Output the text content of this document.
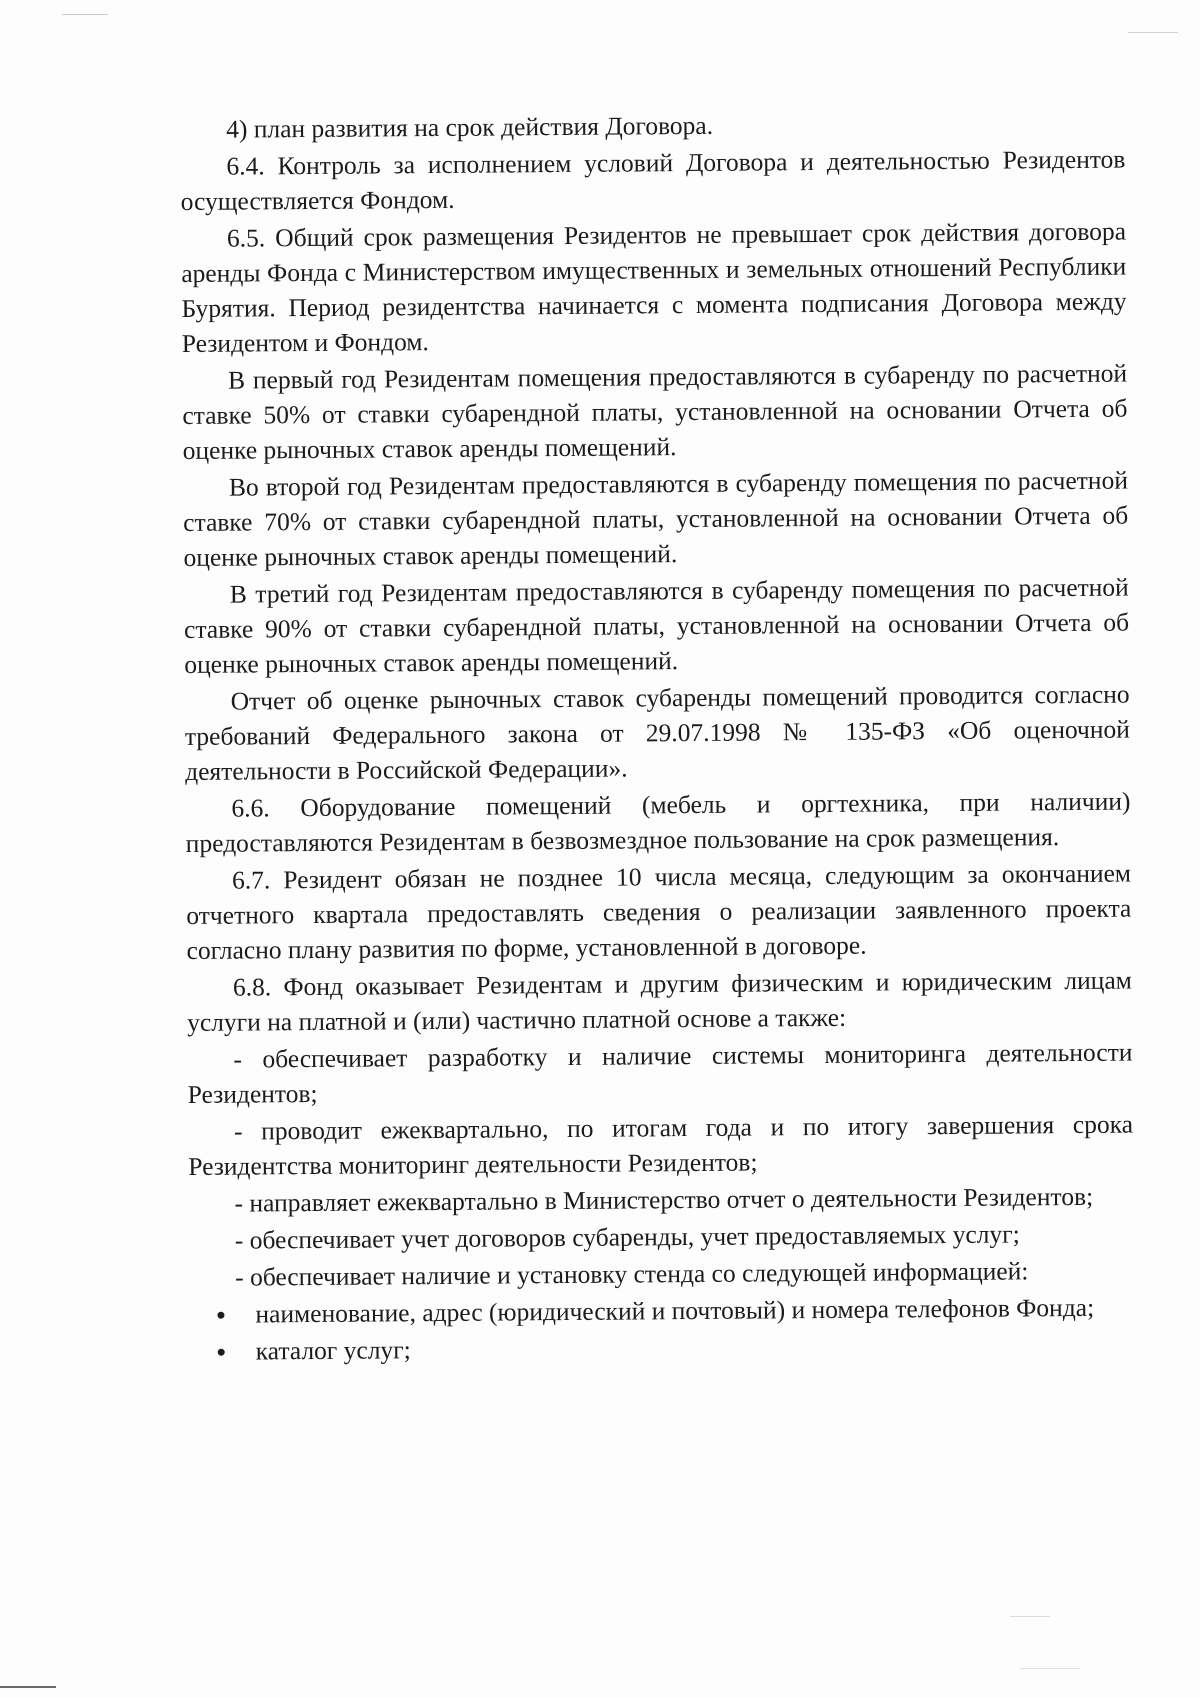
4) план развития на срок действия Договора.

6.4. Контроль за исполнением условий Договора и деятельностью Резидентов осуществляется Фондом.

6.5. Общий срок размещения Резидентов не превышает срок действия договора аренды Фонда с Министерством имущественных и земельных отношений Республики Бурятия. Период резидентства начинается с момента подписания Договора между Резидентом и Фондом.

В первый год Резидентам помещения предоставляются в субаренду по расчетной ставке 50% от ставки субарендной платы, установленной на основании Отчета об оценке рыночных ставок аренды помещений.

Во второй год Резидентам предоставляются в субаренду помещения по расчетной ставке 70% от ставки субарендной платы, установленной на основании Отчета об оценке рыночных ставок аренды помещений.

В третий год Резидентам предоставляются в субаренду помещения по расчетной ставке 90% от ставки субарендной платы, установленной на основании Отчета об оценке рыночных ставок аренды помещений.

Отчет об оценке рыночных ставок субаренды помещений проводится согласно требований Федерального закона от 29.07.1998 № 135-ФЗ «Об оценочной деятельности в Российской Федерации».

6.6. Оборудование помещений (мебель и оргтехника, при наличии) предоставляются Резидентам в безвозмездное пользование на срок размещения.

6.7. Резидент обязан не позднее 10 числа месяца, следующим за окончанием отчетного квартала предоставлять сведения о реализации заявленного проекта согласно плану развития по форме, установленной в договоре.

6.8. Фонд оказывает Резидентам и другим физическим и юридическим лицам услуги на платной и (или) частично платной основе а также:

- обеспечивает разработку и наличие системы мониторинга деятельности Резидентов;

- проводит ежеквартально, по итогам года и по итогу завершения срока Резидентства мониторинг деятельности Резидентов;

- направляет ежеквартально в Министерство отчет о деятельности Резидентов;

- обеспечивает учет договоров субаренды, учет предоставляемых услуг;

- обеспечивает наличие и установку стенда со следующей информацией:

наименование, адрес (юридический и почтовый) и номера телефонов Фонда;
каталог услуг;
